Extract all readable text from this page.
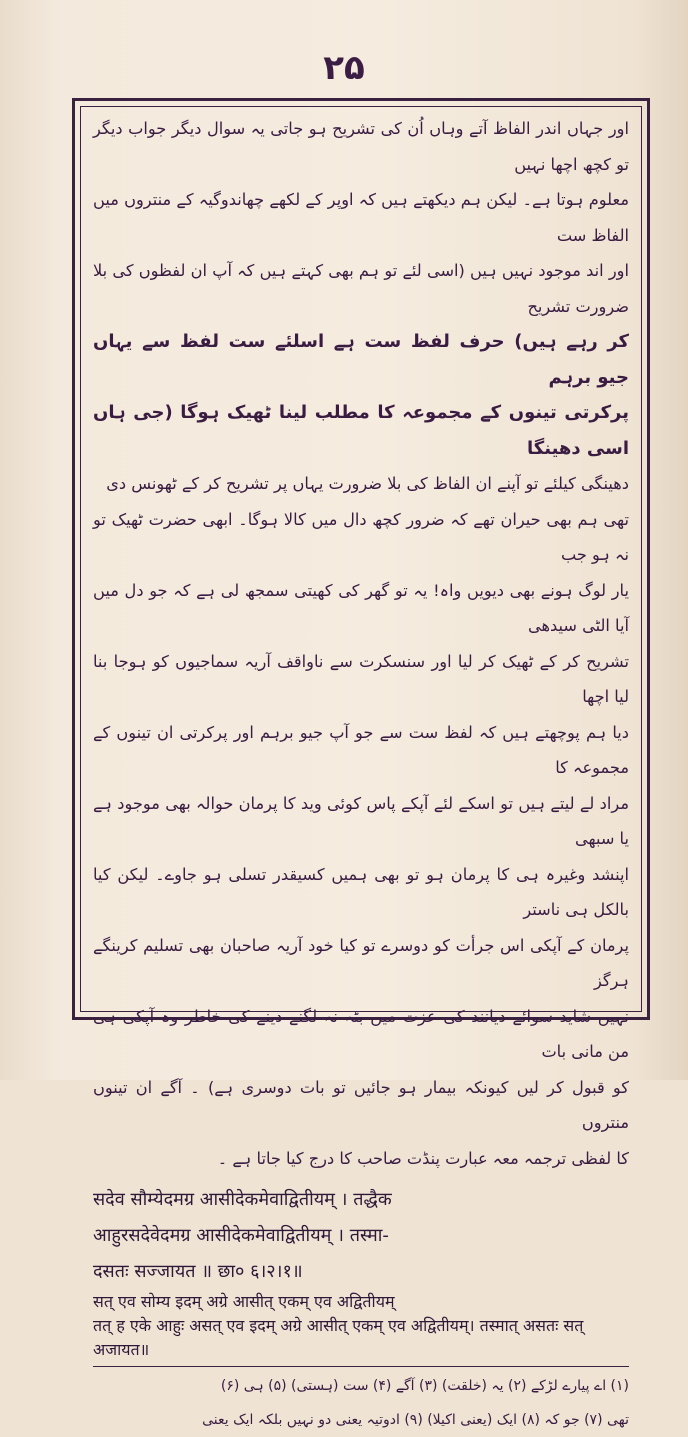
۲۵

اور جہاں اندر الفاظ آتے وہاں اُن کی تشریح ہو جاتی یہ سوال دیگر جواب دیگر تو کچھ اچھا نہیں

معلوم ہوتا ہے۔ لیکن ہم دیکھتے ہیں کہ اوپر کے لکھے چھاندوگیہ کے منتروں میں الفاظ ست

اور اند موجود نہیں ہیں (اسی لئے تو ہم بھی کہتے ہیں کہ آپ ان لفظوں کی بلا ضرورت تشریح

کر رہے ہیں) حرف لفظ ست ہے اسلئے ست لفظ سے یہاں جیو برہم

پرکرتی تینوں کے مجموعہ کا مطلب لینا ٹھیک ہوگا (جی ہاں اسی دھینگا

دھینگی کیلئے تو آپنے ان الفاظ کی بلا ضرورت یہاں پر تشریح کر کے ٹھونس دی

تھی ہم بھی حیران تھے کہ ضرور کچھ دال میں کالا ہوگا۔ ابھی حضرت ٹھیک تو نہ ہو جب

یار لوگ ہونے بھی دیویں واہ! یہ تو گھر کی کھیتی سمجھ لی ہے کہ جو دل میں آیا الٹی سیدھی

تشریح کر کے ٹھیک کر لیا اور سنسکرت سے ناواقف آریہ سماجیوں کو ہوجا بنا لیا اچھا

دیا ہم پوچھتے ہیں کہ لفظ ست سے جو آپ جیو برہم اور پرکرتی ان تینوں کے مجموعہ کا

مراد لے لیتے ہیں تو اسکے لئے آپکے پاس کوئی وید کا پرمان حوالہ بھی موجود ہے یا سبھی

اپنشد وغیرہ ہی کا پرمان ہو تو بھی ہمیں کسیقدر تسلی ہو جاوے۔ لیکن کیا بالکل ہی ناستر

پرمان کے آپکی اس جرأت کو دوسرے تو کیا خود آریہ صاحبان بھی تسلیم کرینگے ہرگز

نہیں شاید سوائے دیانند کی عزت میں بٹہ نہ لگنے دینے کی خاطر وہ آپکی ہی من مانی بات

کو قبول کر لیں کیونکہ بیمار ہو جائیں تو بات دوسری ہے) ۔ آگے ان تینوں منتروں

کا لفظی ترجمہ معہ عبارت پنڈت صاحب کا درج کیا جاتا ہے ۔

सदेव सौम्येदमग्र आसीदेकमेवाद्वितीयम् । तद्धैक

आहुरसदेवेदमग्र आसीदेकमेवाद्वितीयम् । तस्मा-

दसतः सज्जायत ॥ छा० ६।२।१॥

सत् एव सोम्य इदम् अग्रे आसीत् एकम् एव अद्वितीयम्

तत् ह एके आहुः असत् एव इदम् अग्रे आसीत् एकम् एव अद्वितीयम्। तस्मात् असतः सत् अजायत॥

(۱) اے پیارے لڑکے (۲) یہ (خلقت) (۳) آگے (۴) ست (ہستی) (۵) ہی (۶)

تھی (۷) جو کہ (۸) ایک (یعنی اکیلا) (۹) ادوتیہ یعنی دو نہیں بلکہ ایک یعنی
